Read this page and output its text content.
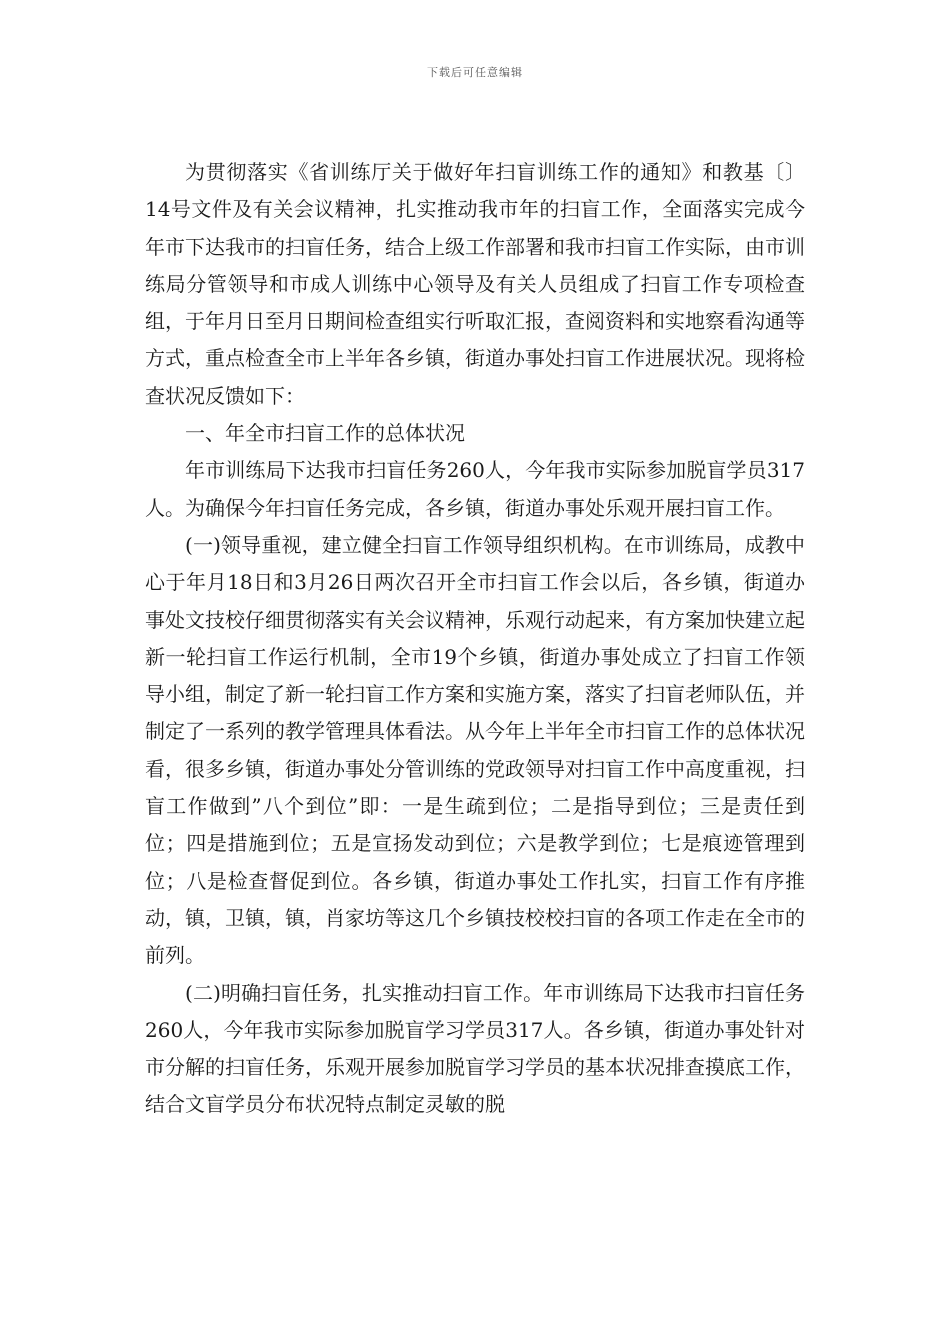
下载后可任意编辑

为贯彻落实《省训练厅关于做好年扫盲训练工作的通知》和教基〔〕14号文件及有关会议精神，扎实推动我市年的扫盲工作，全面落实完成今年市下达我市的扫盲任务，结合上级工作部署和我市扫盲工作实际，由市训练局分管领导和市成人训练中心领导及有关人员组成了扫盲工作专项检查组，于年月日至月日期间检查组实行听取汇报，查阅资料和实地察看沟通等方式，重点检查全市上半年各乡镇，街道办事处扫盲工作进展状况。现将检查状况反馈如下：

一、年全市扫盲工作的总体状况

年市训练局下达我市扫盲任务260人，今年我市实际参加脱盲学员317人。为确保今年扫盲任务完成，各乡镇，街道办事处乐观开展扫盲工作。

(一)领导重视，建立健全扫盲工作领导组织机构。在市训练局，成教中心于年月18日和3月26日两次召开全市扫盲工作会以后，各乡镇，街道办事处文技校仔细贯彻落实有关会议精神，乐观行动起来，有方案加快建立起新一轮扫盲工作运行机制，全市19个乡镇，街道办事处成立了扫盲工作领导小组，制定了新一轮扫盲工作方案和实施方案，落实了扫盲老师队伍，并制定了一系列的教学管理具体看法。从今年上半年全市扫盲工作的总体状况看，很多乡镇，街道办事处分管训练的党政领导对扫盲工作中高度重视，扫盲工作做到”八个到位”即：一是生疏到位；二是指导到位；三是责任到位；四是措施到位；五是宣扬发动到位；六是教学到位；七是痕迹管理到位；八是检查督促到位。各乡镇，街道办事处工作扎实，扫盲工作有序推动，镇，卫镇，镇，肖家坊等这几个乡镇技校校扫盲的各项工作走在全市的前列。

(二)明确扫盲任务，扎实推动扫盲工作。年市训练局下达我市扫盲任务260人，今年我市实际参加脱盲学习学员317人。各乡镇，街道办事处针对市分解的扫盲任务，乐观开展参加脱盲学习学员的基本状况排查摸底工作，结合文盲学员分布状况特点制定灵敏的脱
